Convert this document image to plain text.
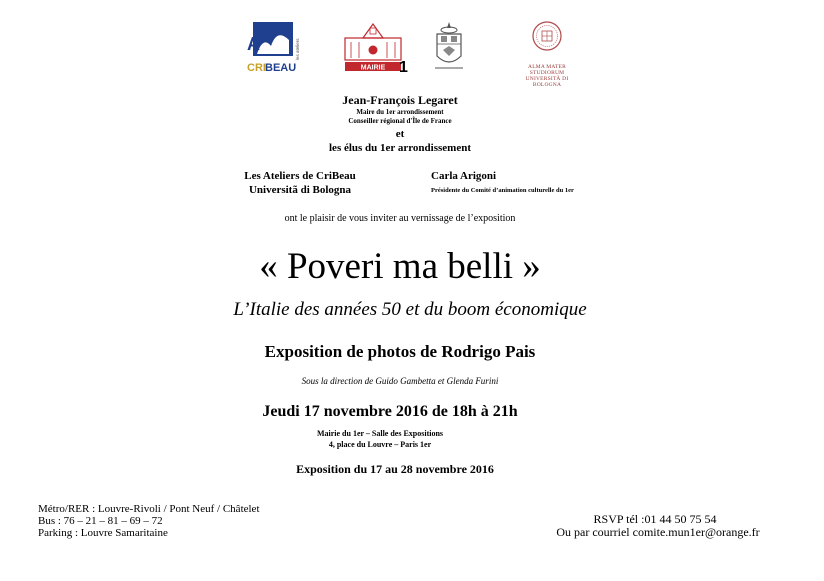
A
CRI BEAU
les ateliers
MAIRIE 1	ALMA MATER STUDIORUM
UNIVERSITÀ DI BOLOGNA
Jean-François Legaret
Maire du 1er arrondissement
Conseiller régional d'Île de France
et
les élus du 1er arrondissement
Les Ateliers de CriBeau
Universitã di Bologna
Carla Arigoni
Présidente du Comité d’animation culturelle du 1er
ont le plaisir de vous inviter au vernissage de l’exposition
« Poveri ma belli »
L’Italie des années 50 et du boom économique
Exposition de photos de Rodrigo Pais
Sous la direction de Guido Gambetta et Glenda Furini
Jeudi 17 novembre 2016 de 18h à 21h
Mairie du 1er – Salle des Expositions
4, place du Louvre – Paris 1er
Exposition du 17 au 28 novembre 2016
Métro/RER : Louvre-Rivoli / Pont Neuf / Châtelet
Bus : 76 – 21 – 81 – 69 – 72
Parking : Louvre Samaritaine
RSVP tél :01 44 50 75 54
Ou par courriel comite.mun1er@orange.fr
